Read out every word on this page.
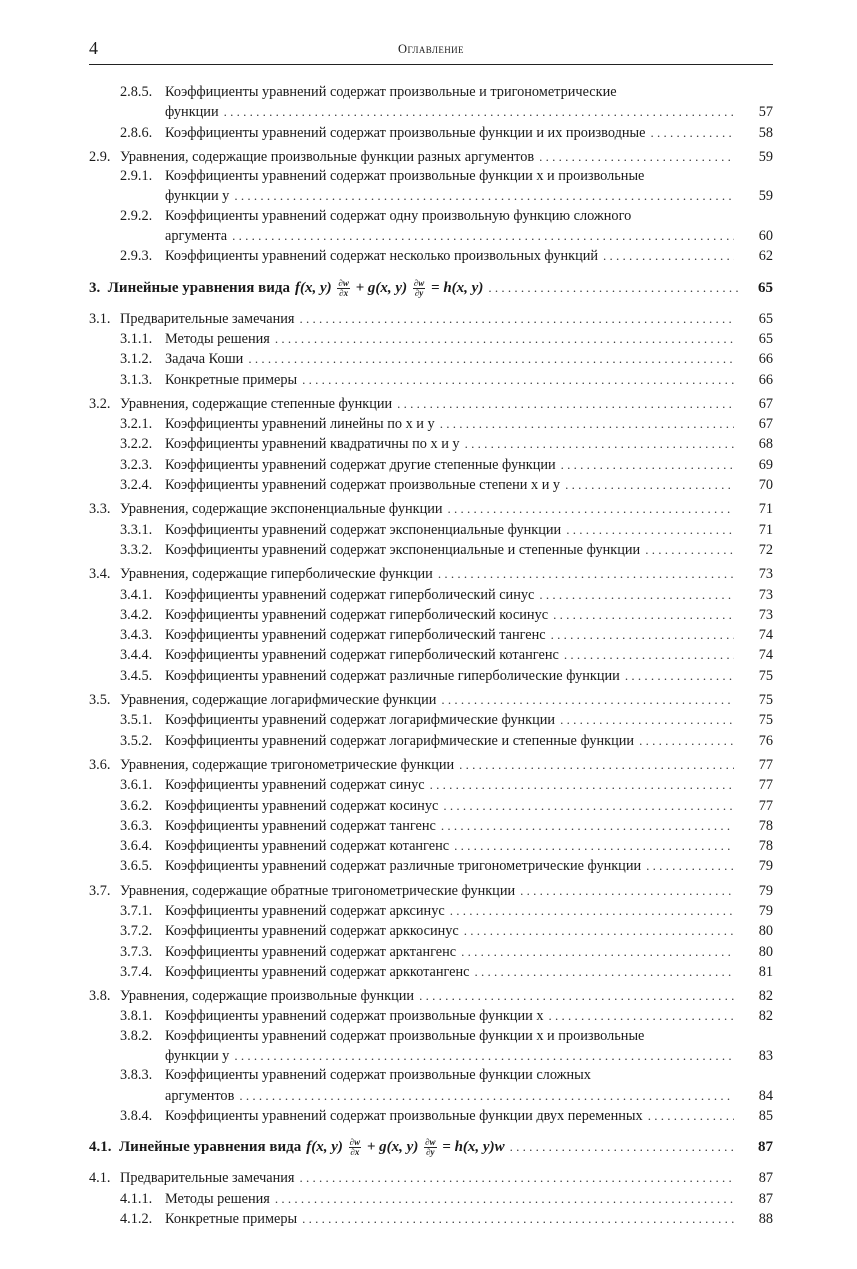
4	Оглавление
2.8.5. Коэффициенты уравнений содержат произвольные и тригонометрические
функции . . .	57
2.8.6. Коэффициенты уравнений содержат произвольные функции и их производные . . .	58
2.9. Уравнения, содержащие произвольные функции разных аргументов . . .	59
2.9.1. Коэффициенты уравнений содержат произвольные функции x и произвольные
функции y . . .	59
2.9.2. Коэффициенты уравнений содержат одну произвольную функцию сложного
аргумента . . .	60
2.9.3. Коэффициенты уравнений содержат несколько произвольных функций . . .	62
3.
Линейные уравнения вида f(x, $y) \frac{\partial w}{\partial x} + g(x$, $y) \frac{\partial w}{\partial y} = h(x$, y) . . .	65
3.1. Предварительные замечания . . .	65
3.1.1. Методы решения . . .	65
3.1.2. Задача Коши . . .	66
3.1.3. Конкретные примеры . . .	66
3.2. Уравнения, содержащие степенные функции . . .	67
3.2.1. Коэффициенты уравнений линейны по x и y . . .	67
3.2.2. Коэффициенты уравнений квадратичны по x и y . . .	68
3.2.3. Коэффициенты уравнений содержат другие степенные функции . . .	69
3.2.4. Коэффициенты уравнений содержат произвольные степени x и y . . .	70
3.3. Уравнения, содержащие экспоненциальные функции . . .	71
3.3.1. Коэффициенты уравнений содержат экспоненциальные функции . . .	71
3.3.2. Коэффициенты уравнений содержат экспоненциальные и степенные функции . . .	72
3.4. Уравнения, содержащие гиперболические функции . . .	73
3.4.1. Коэффициенты уравнений содержат гиперболический синус . . .	73
3.4.2. Коэффициенты уравнений содержат гиперболический косинус . . .	73
3.4.3. Коэффициенты уравнений содержат гиперболический тангенс . . .	74
3.4.4. Коэффициенты уравнений содержат гиперболический котангенс . . .	74
3.4.5. Коэффициенты уравнений содержат различные гиперболические функции . . .	75
3.5. Уравнения, содержащие логарифмические функции . . .	75
3.5.1. Коэффициенты уравнений содержат логарифмические функции . . .	75
3.5.2. Коэффициенты уравнений содержат логарифмические и степенные функции . . .	76
3.6. Уравнения, содержащие тригонометрические функции . . .	77
3.6.1. Коэффициенты уравнений содержат синус . . .	77
3.6.2. Коэффициенты уравнений содержат косинус . . .	77
3.6.3. Коэффициенты уравнений содержат тангенс . . .	78
3.6.4. Коэффициенты уравнений содержат котангенс . . .	78
3.6.5. Коэффициенты уравнений содержат различные тригонометрические функции . . .	79
3.7. Уравнения, содержащие обратные тригонометрические функции . . .	79
3.7.1. Коэффициенты уравнений содержат арксинус . . .	79
3.7.2. Коэффициенты уравнений содержат арккосинус . . .	80
3.7.3. Коэффициенты уравнений содержат арктангенс . . .	80
3.7.4. Коэффициенты уравнений содержат арккотангенс . . .	81
3.8. Уравнения, содержащие произвольные функции . . .	82
3.8.1. Коэффициенты уравнений содержат произвольные функции x . . .	82
3.8.2. Коэффициенты уравнений содержат произвольные функции x и произвольные
функции y . . .	83
3.8.3. Коэффициенты уравнений содержат произвольные функции сложных
аргументов . . .	84
3.8.4. Коэффициенты уравнений содержат произвольные функции двух переменных . . .	85
4.1.
Линейные уравнения вида f(x, $y) \frac{\partial w}{\partial x} + g(x$, $y) \frac{\partial w}{\partial y} = h(x$, y)w . . .	87
4.1. Предварительные замечания . . .	87
4.1.1. Методы решения . . .	87
4.1.2. Конкретные примеры . . .	88
